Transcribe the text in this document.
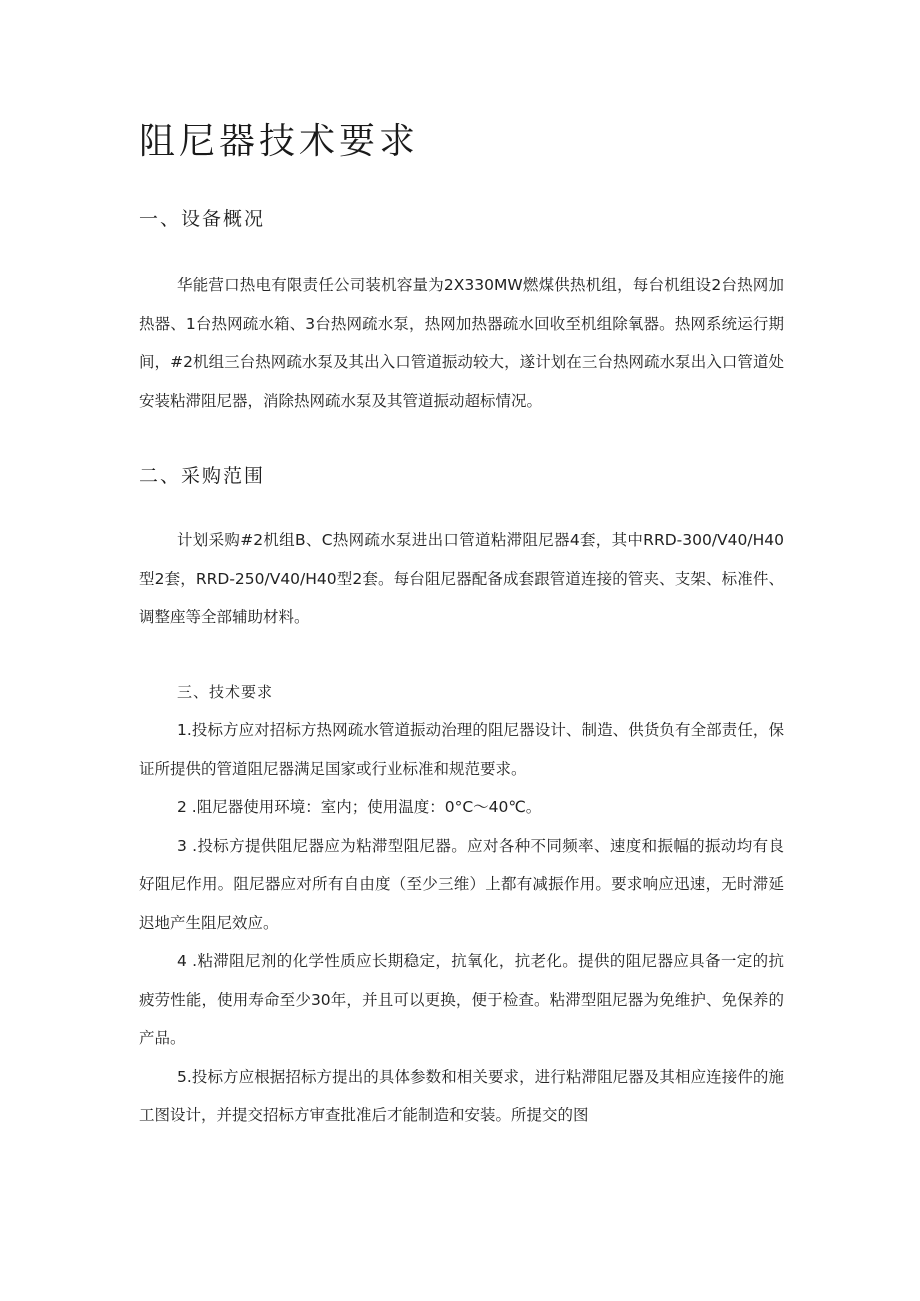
阻尼器技术要求
一、设备概况

华能营口热电有限责任公司装机容量为2X330MW燃煤供热机组，每台机组设2台热网加热器、1台热网疏水箱、3台热网疏水泵，热网加热器疏水回收至机组除氧器。热网系统运行期间，#2机组三台热网疏水泵及其出入口管道振动较大，遂计划在三台热网疏水泵出入口管道处安装粘滞阻尼器，消除热网疏水泵及其管道振动超标情况。

二、采购范围

计划采购#2机组B、C热网疏水泵进出口管道粘滞阻尼器4套，其中RRD-300/V40/H40型2套，RRD-250/V40/H40型2套。每台阻尼器配备成套跟管道连接的管夹、支架、标准件、调整座等全部辅助材料。

三、技术要求

1.投标方应对招标方热网疏水管道振动治理的阻尼器设计、制造、供货负有全部责任，保证所提供的管道阻尼器满足国家或行业标准和规范要求。

2 .阻尼器使用环境：室内；使用温度：0°C～40℃。

3 .投标方提供阻尼器应为粘滞型阻尼器。应对各种不同频率、速度和振幅的振动均有良好阻尼作用。阻尼器应对所有自由度（至少三维）上都有减振作用。要求响应迅速，无时滞延迟地产生阻尼效应。

4 .粘滞阻尼剂的化学性质应长期稳定，抗氧化，抗老化。提供的阻尼器应具备一定的抗疲劳性能，使用寿命至少30年，并且可以更换，便于检查。粘滞型阻尼器为免维护、免保养的产品。

5.投标方应根据招标方提出的具体参数和相关要求，进行粘滞阻尼器及其相应连接件的施工图设计，并提交招标方审查批准后才能制造和安装。所提交的图
